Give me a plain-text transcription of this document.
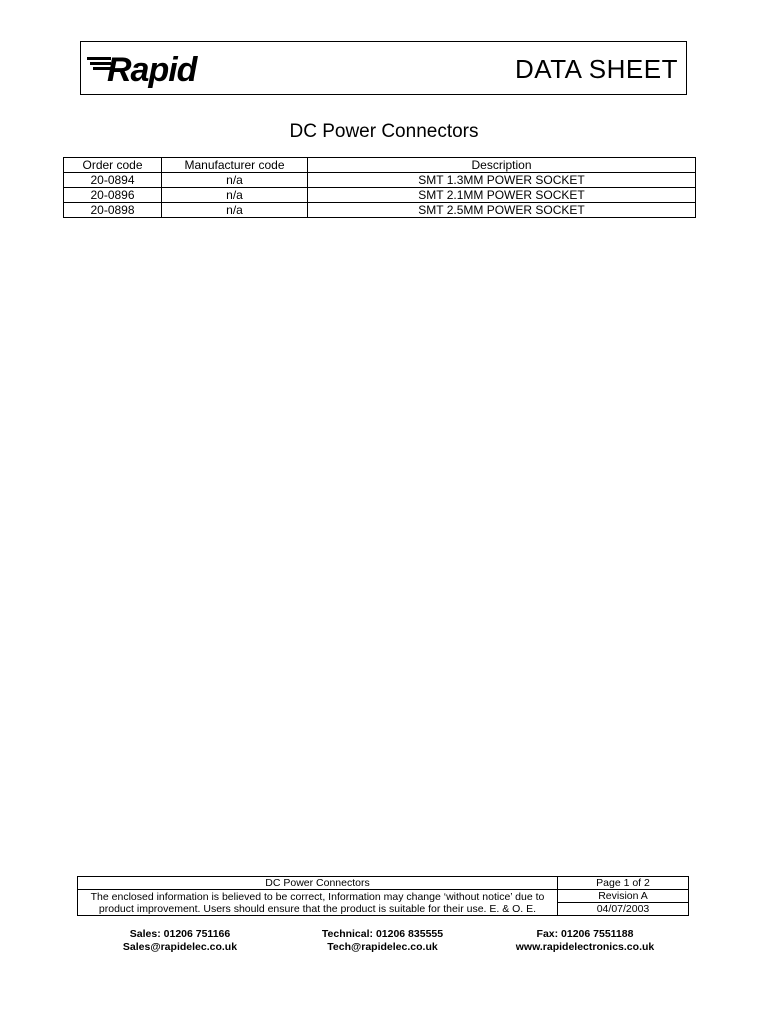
Rapid	DATA SHEET
DC Power Connectors
Order code	Manufacturer code	Description
20-0894	n/a	SMT 1.3MM POWER SOCKET
20-0896	n/a	SMT 2.1MM POWER SOCKET
20-0898	n/a	SMT 2.5MM POWER SOCKET
DC Power Connectors	Page 1 of 2
The enclosed information is believed to be correct, Information may change ‘without notice’ due to
product improvement. Users should ensure that the product is suitable for their use. E. & O. E.	Revision A
	04/07/2003
Sales: 01206 751166
Sales@rapidelec.co.uk
Technical: 01206 835555
Tech@rapidelec.co.uk
Fax: 01206 7551188
www.rapidelectronics.co.uk
